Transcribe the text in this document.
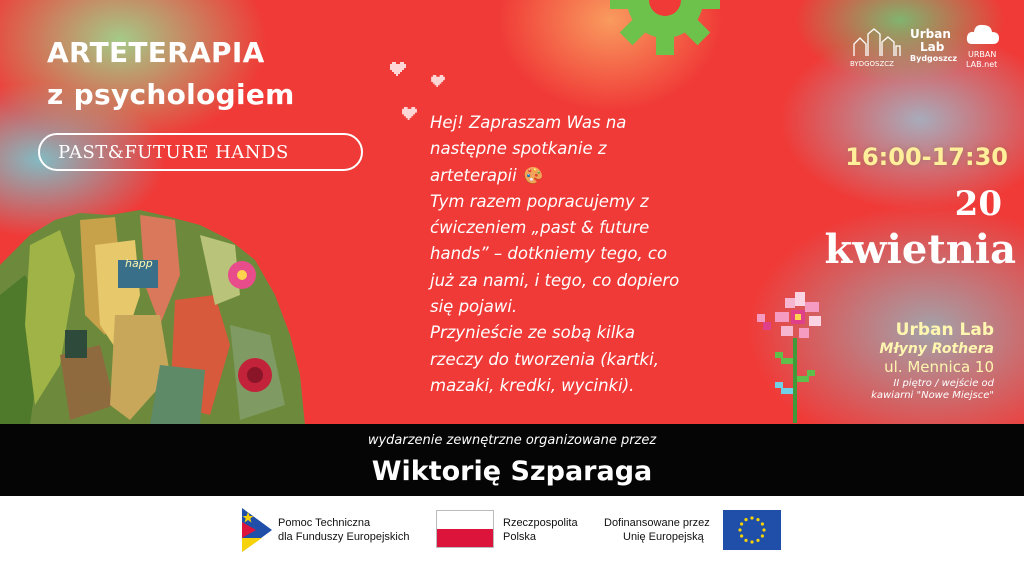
ARTETERAPIA
z psychologiem
PAST&FUTURE HANDS
happ

Hej! Zapraszam Was na

następne spotkanie z

arteterapii 🎨

Tym razem popracujemy z

ćwiczeniem „past & future

hands” – dotkniemy tego, co

już za nami, i tego, co dopiero

się pojawi.

Przynieście ze sobą kilka

rzeczy do tworzenia (kartki,

mazaki, kredki, wycinki).

BYDGOSZCZ
Urban
Lab
Bydgoszcz URBAN
LAB.net
16:00-17:30
20
kwietnia
Urban Lab
Młyny Rothera
ul. Mennica 10
II piętro / wejście od
kawiarni "Nowe Miejsce"
wydarzenie zewnętrzne organizowane przez
Wiktorię Szparaga
Pomoc Techniczna
dla Funduszy Europejskich
Rzeczpospolita
Polska
Dofinansowane przez
Unię Europejską
